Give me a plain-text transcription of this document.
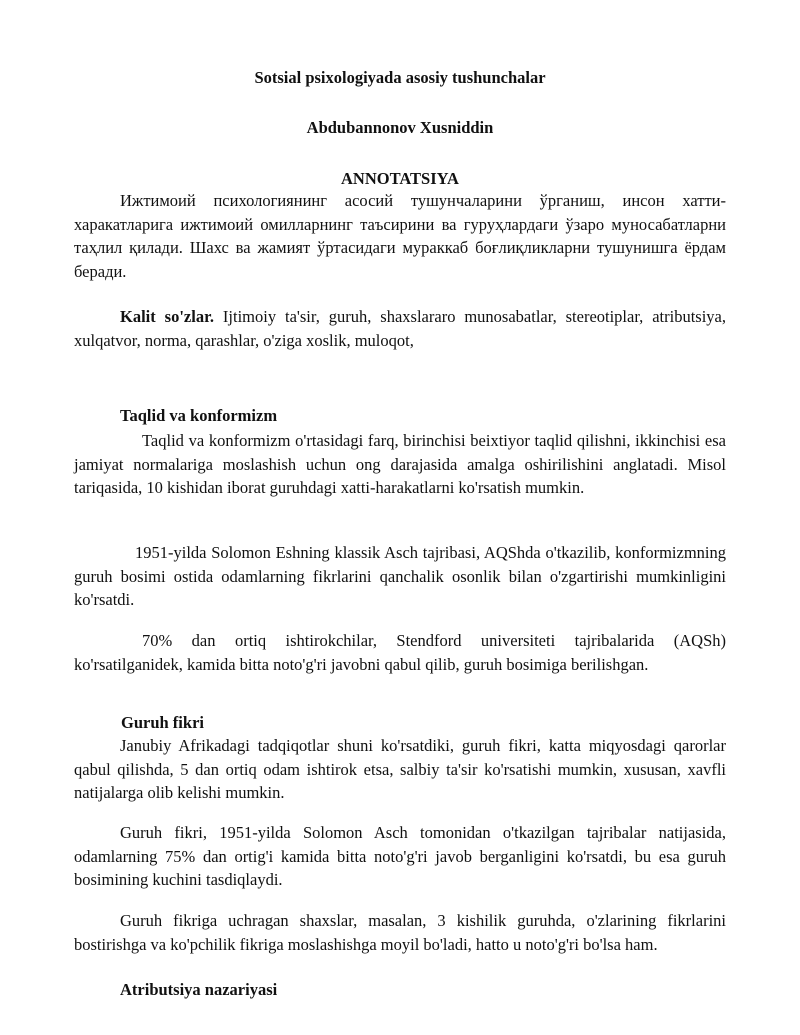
Sotsial psixologiyada asosiy tushunchalar
Abdubannonov Xusniddin
ANNOTATSIYA
Ижтимоий психологиянинг асосий тушунчаларини ўрганиш, инсон хатти-харакатларига ижтимоий омилларнинг таъсирини ва гуруҳлардаги ўзаро муносабатларни таҳлил қилади. Шахс ва жамият ўртасидаги мураккаб боғлиқликларни тушунишга ёрдам беради.
Kalit so'zlar. Ijtimoiy ta'sir, guruh, shaxslararo munosabatlar, stereotiplar, atributsiya, xulqatvor, norma, qarashlar, o'ziga xoslik, muloqot,
Taqlid va konformizm
Taqlid va konformizm o'rtasidagi farq, birinchisi beixtiyor taqlid qilishni, ikkinchisi esa jamiyat normalariga moslashish uchun ong darajasida amalga oshirilishini anglatadi. Misol tariqasida, 10 kishidan iborat guruhdagi xatti-harakatlarni ko'rsatish mumkin.
1951-yilda Solomon Eshning klassik Asch tajribasi, AQShda o'tkazilib, konformizmning guruh bosimi ostida odamlarning fikrlarini qanchalik osonlik bilan o'zgartirishi mumkinligini ko'rsatdi.
70% dan ortiq ishtirokchilar, Stendford universiteti tajribalarida (AQSh) ko'rsatilganidek, kamida bitta noto'g'ri javobni qabul qilib, guruh bosimiga berilishgan.
Guruh fikri
Janubiy Afrikadagi tadqiqotlar shuni ko'rsatdiki, guruh fikri, katta miqyosdagi qarorlar qabul qilishda, 5 dan ortiq odam ishtirok etsa, salbiy ta'sir ko'rsatishi mumkin, xususan, xavfli natijalarga olib kelishi mumkin.
Guruh fikri, 1951-yilda Solomon Asch tomonidan o'tkazilgan tajribalar natijasida, odamlarning 75% dan ortig'i kamida bitta noto'g'ri javob berganligini ko'rsatdi, bu esa guruh bosimining kuchini tasdiqlaydi.
Guruh fikriga uchragan shaxslar, masalan, 3 kishilik guruhda, o'zlarining fikrlarini bostirishga va ko'pchilik fikriga moslashishga moyil bo'ladi, hatto u noto'g'ri bo'lsa ham.
Atributsiya nazariyasi
